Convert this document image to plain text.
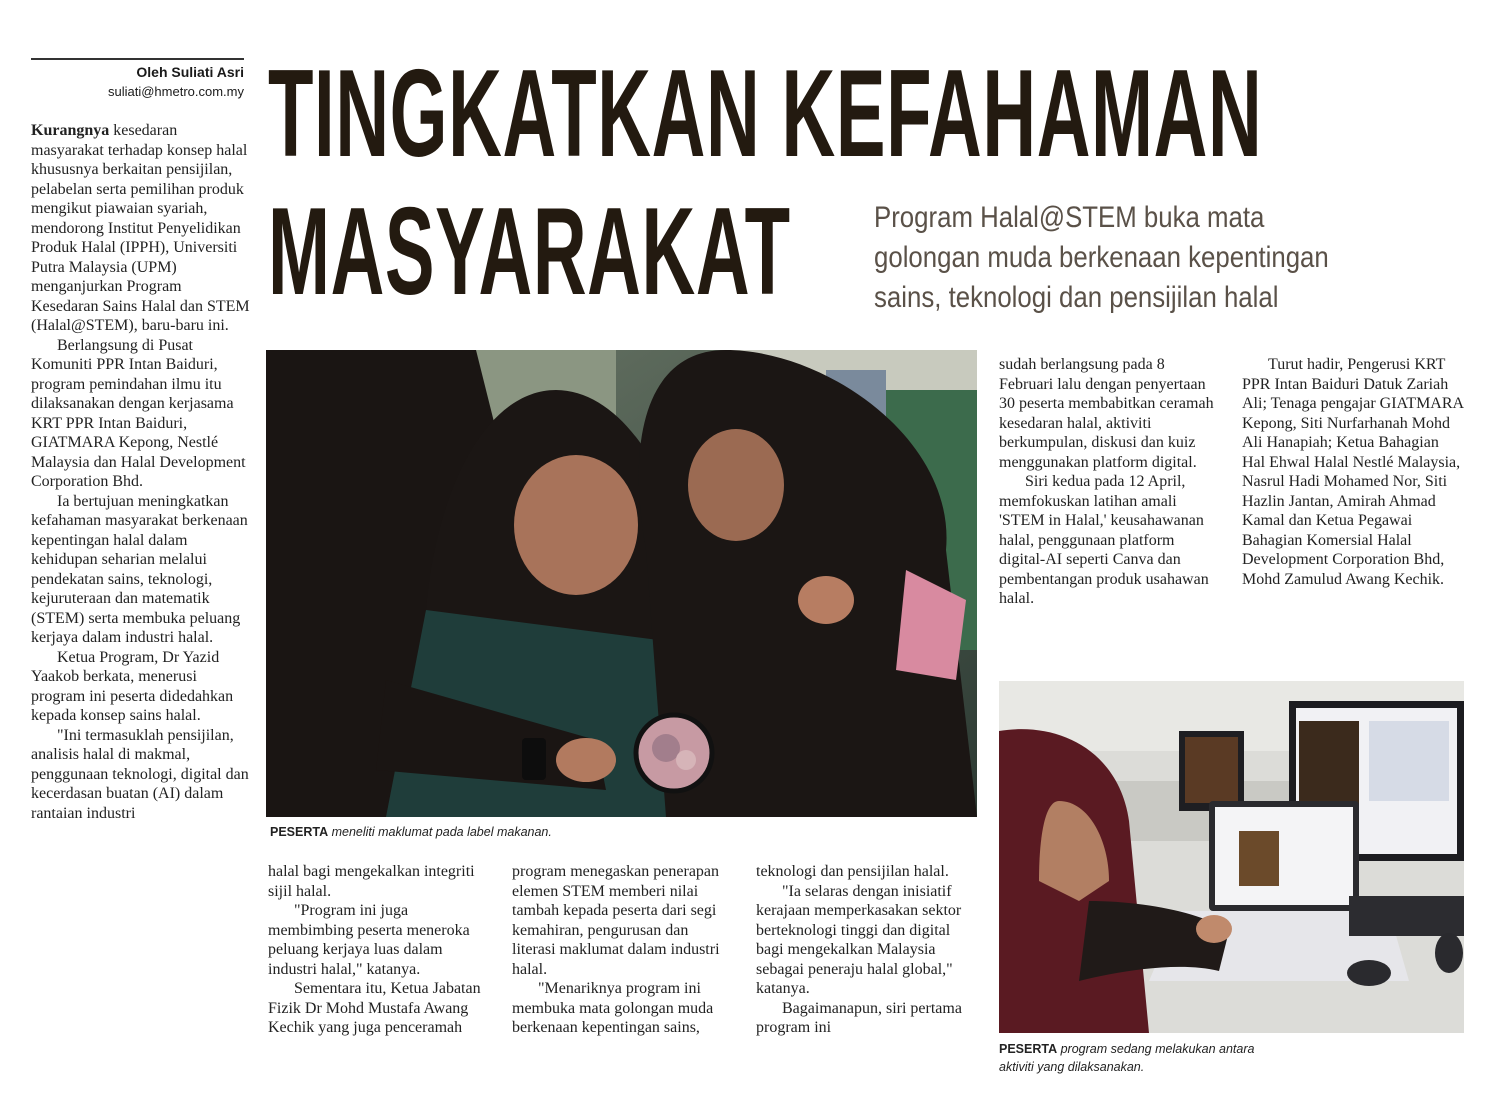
Oleh Suliati Asri
suliati@hmetro.com.my TINGKATKAN KEFAHAMAN
MASYARAKAT	Program Halal@STEM buka mata golongan muda berkenaan kepentingan sains, teknologi dan pensijilan halal

Kurangnya kesedaran masyarakat terhadap konsep halal khususnya berkaitan pensijilan, pelabelan serta pemilihan produk mengikut piawaian syariah, mendorong Institut Penyelidikan Produk Halal (IPPH), Universiti Putra Malaysia (UPM) menganjurkan Program Kesedaran Sains Halal dan STEM (Halal@STEM), baru-baru ini.

Berlangsung di Pusat Komuniti PPR Intan Baiduri, program pemindahan ilmu itu dilaksanakan dengan kerjasama KRT PPR Intan Baiduri, GIATMARA Kepong, Nestlé Malaysia dan Halal Development Corporation Bhd.

Ia bertujuan meningkatkan kefahaman masyarakat berkenaan kepentingan halal dalam kehidupan seharian melalui pendekatan sains, teknologi, kejuruteraan dan matematik (STEM) serta membuka peluang kerjaya dalam industri halal.

Ketua Program, Dr Yazid Yaakob berkata, menerusi program ini peserta didedahkan kepada konsep sains halal.

"Ini termasuklah pensijilan, analisis halal di makmal, penggunaan teknologi, digital dan kecerdasan buatan (AI) dalam rantaian industri

PESERTA meneliti maklumat pada label makanan.

halal bagi mengekalkan integriti sijil halal.

"Program ini juga membimbing peserta meneroka peluang kerjaya luas dalam industri halal," katanya.

Sementara itu, Ketua Jabatan Fizik Dr Mohd Mustafa Awang Kechik yang juga penceramah

program menegaskan penerapan elemen STEM memberi nilai tambah kepada peserta dari segi kemahiran, pengurusan dan literasi maklumat dalam industri halal.

"Menariknya program ini membuka mata golongan muda berkenaan kepentingan sains,

teknologi dan pensijilan halal.

"Ia selaras dengan inisiatif kerajaan memperkasakan sektor berteknologi tinggi dan digital bagi mengekalkan Malaysia sebagai peneraju halal global," katanya.

Bagaimanapun, siri pertama program ini

sudah berlangsung pada 8 Februari lalu dengan penyertaan 30 peserta membabitkan ceramah kesedaran halal, aktiviti berkumpulan, diskusi dan kuiz menggunakan platform digital.

Siri kedua pada 12 April, memfokuskan latihan amali 'STEM in Halal,' keusahawanan halal, penggunaan platform digital-AI seperti Canva dan pembentangan produk usahawan halal.

Turut hadir, Pengerusi KRT PPR Intan Baiduri Datuk Zariah Ali; Tenaga pengajar GIATMARA Kepong, Siti Nurfarhanah Mohd Ali Hanapiah; Ketua Bahagian Hal Ehwal Halal Nestlé Malaysia, Nasrul Hadi Mohamed Nor, Siti Hazlin Jantan, Amirah Ahmad Kamal dan Ketua Pegawai Bahagian Komersial Halal Development Corporation Bhd, Mohd Zamulud Awang Kechik.

PESERTA program sedang melakukan antara aktiviti yang dilaksanakan.
